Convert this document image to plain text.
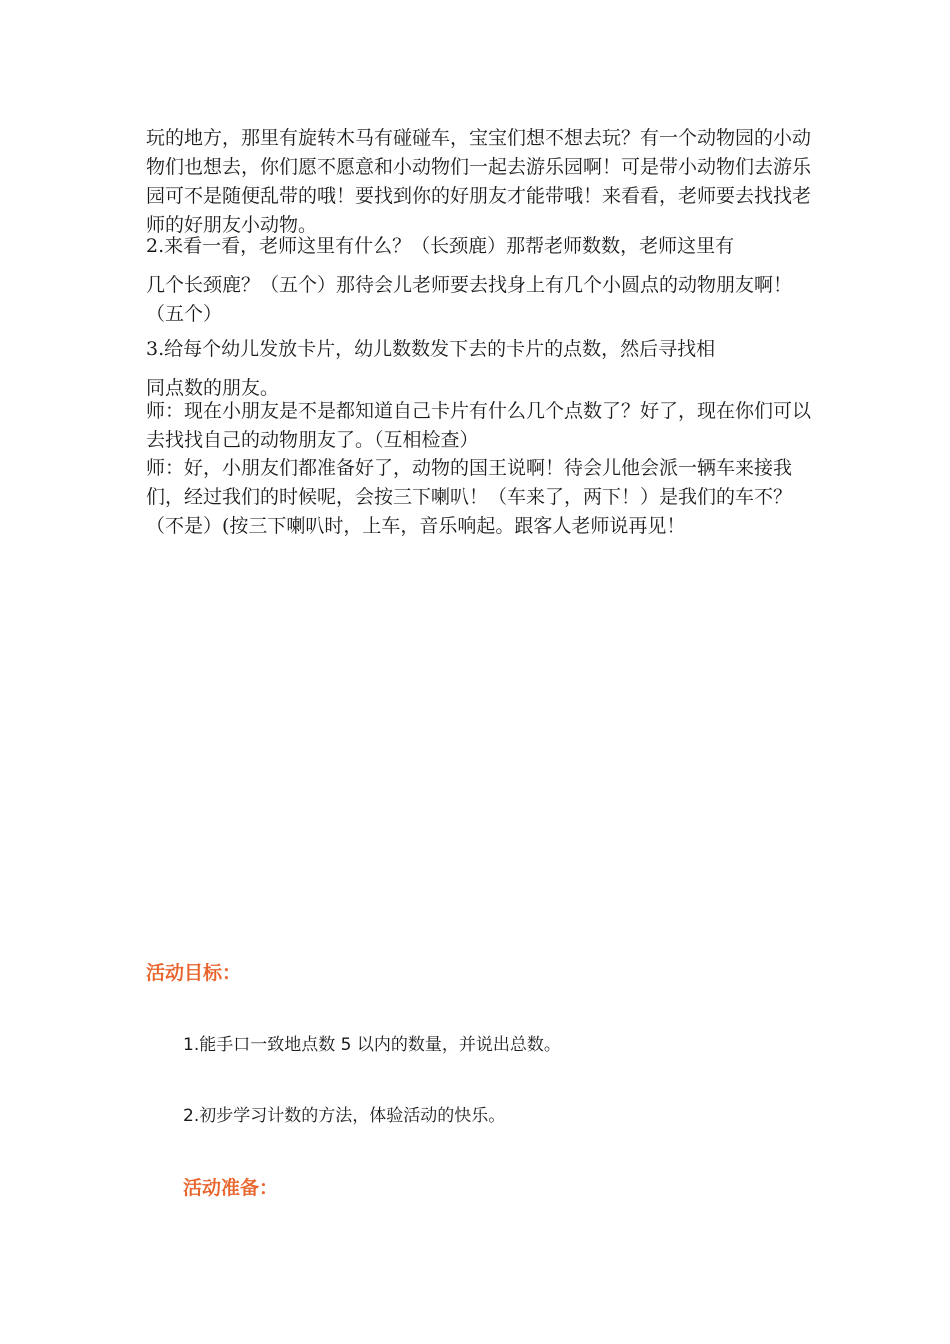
玩的地方，那里有旋转木马有碰碰车，宝宝们想不想去玩？有一个动物园的小动物们也想去，你们愿不愿意和小动物们一起去游乐园啊！可是带小动物们去游乐园可不是随便乱带的哦！要找到你的好朋友才能带哦！来看看，老师要去找找老师的好朋友小动物。

2.来看一看，老师这里有什么？（长颈鹿）那帮老师数数，老师这里有
几个长颈鹿？（五个）那待会儿老师要去找身上有几个小圆点的动物朋友啊！（五个）
3.给每个幼儿发放卡片，幼儿数数发下去的卡片的点数，然后寻找相
同点数的朋友。

师：现在小朋友是不是都知道自己卡片有什么几个点数了？好了，现在你们可以去找找自己的动物朋友了。（互相检查）

师：好，小朋友们都准备好了，动物的国王说啊！待会儿他会派一辆车来接我们，经过我们的时候呢，会按三下喇叭！（车来了，两下！）是我们的车不？（不是）(按三下喇叭时，上车，音乐响起。跟客人老师说再见！

活动目标：

1.能手口一致地点数 5 以内的数量，并说出总数。

2.初步学习计数的方法，体验活动的快乐。

活动准备：
